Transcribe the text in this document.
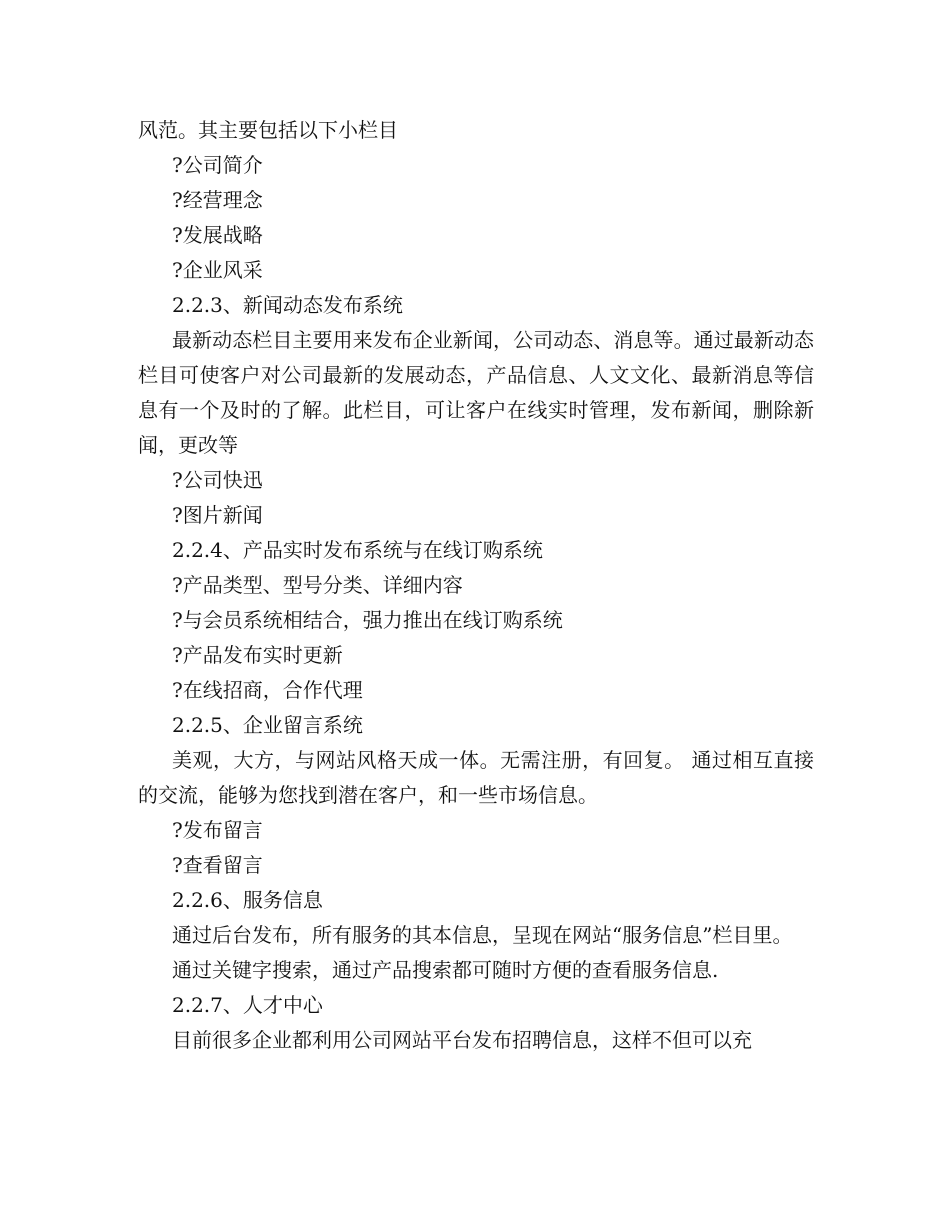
风范。其主要包括以下小栏目

?公司简介

?经营理念

?发展战略

?企业风采

2.2.3、新闻动态发布系统

最新动态栏目主要用来发布企业新闻，公司动态、消息等。通过最新动态栏目可使客户对公司最新的发展动态，产品信息、人文文化、最新消息等信息有一个及时的了解。此栏目，可让客户在线实时管理，发布新闻，删除新闻，更改等

?公司快迅

?图片新闻

2.2.4、产品实时发布系统与在线订购系统

?产品类型、型号分类、详细内容

?与会员系统相结合，强力推出在线订购系统

?产品发布实时更新

?在线招商，合作代理

2.2.5、企业留言系统

美观，大方，与网站风格天成一体。无需注册，有回复。 通过相互直接的交流，能够为您找到潜在客户，和一些市场信息。

?发布留言

?查看留言

2.2.6、服务信息

通过后台发布，所有服务的其本信息，呈现在网站“服务信息”栏目里。

通过关键字搜索，通过产品搜索都可随时方便的查看服务信息.

2.2.7、人才中心

目前很多企业都利用公司网站平台发布招聘信息，这样不但可以充
